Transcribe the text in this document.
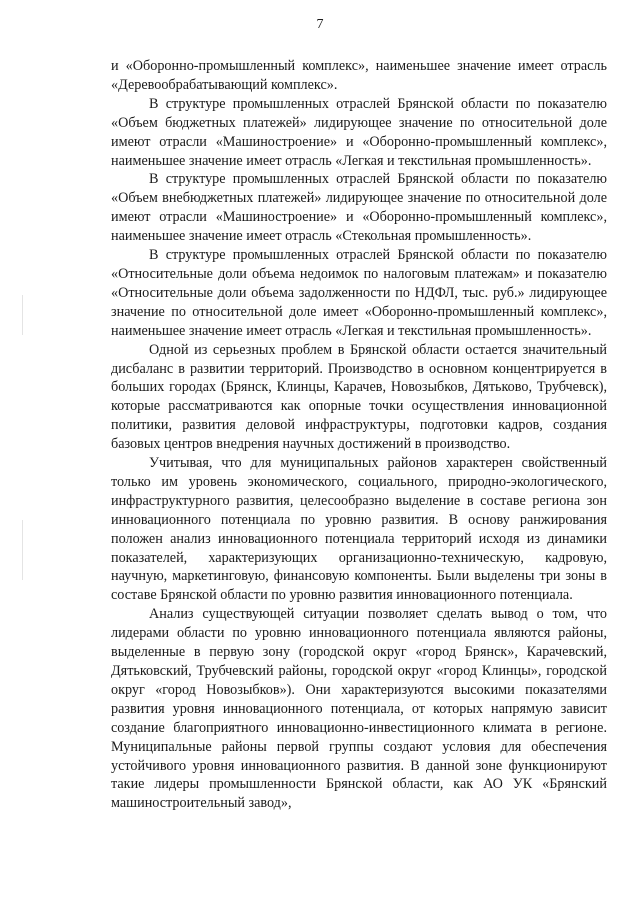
7

и «Оборонно-промышленный комплекс», наименьшее значение имеет отрасль «Деревообрабатывающий комплекс».

В структуре промышленных отраслей Брянской области по показателю «Объем бюджетных платежей» лидирующее значение по относительной доле имеют отрасли «Машиностроение» и «Оборонно-промышленный комплекс», наименьшее значение имеет отрасль «Легкая и текстильная промышленность».

В структуре промышленных отраслей Брянской области по показателю «Объем внебюджетных платежей» лидирующее значение по относительной доле имеют отрасли «Машиностроение» и «Оборонно-промышленный комплекс», наименьшее значение имеет отрасль «Стекольная промышленность».

В структуре промышленных отраслей Брянской области по показателю «Относительные доли объема недоимок по налоговым платежам» и показателю «Относительные доли объема задолженности по НДФЛ, тыс. руб.» лидирующее значение по относительной доле имеет «Оборонно-промышленный комплекс», наименьшее значение имеет отрасль «Легкая и текстильная промышленность».

Одной из серьезных проблем в Брянской области остается значительный дисбаланс в развитии территорий. Производство в основном концентрируется в больших городах (Брянск, Клинцы, Карачев, Новозыбков, Дятьково, Трубчевск), которые рассматриваются как опорные точки осуществления инновационной политики, развития деловой инфраструктуры, подготовки кадров, создания базовых центров внедрения научных достижений в производство.

Учитывая, что для муниципальных районов характерен свойственный только им уровень экономического, социального, природно-экологического, инфраструктурного развития, целесообразно выделение в составе региона зон инновационного потенциала по уровню развития. В основу ранжирования положен анализ инновационного потенциала территорий исходя из динамики показателей, характеризующих организационно-техническую, кадровую, научную, маркетинговую, финансовую компоненты. Были выделены три зоны в составе Брянской области по уровню развития инновационного потенциала.

Анализ существующей ситуации позволяет сделать вывод о том, что лидерами области по уровню инновационного потенциала являются районы, выделенные в первую зону (городской округ «город Брянск», Карачевский, Дятьковский, Трубчевский районы, городской округ «город Клинцы», городской округ «город Новозыбков»). Они характеризуются высокими показателями развития уровня инновационного потенциала, от которых напрямую зависит создание благоприятного инновационно-инвестиционного климата в регионе. Муниципальные районы первой группы создают условия для обеспечения устойчивого уровня инновационного развития. В данной зоне функционируют такие лидеры промышленности Брянской области, как АО УК «Брянский машиностроительный завод»,
